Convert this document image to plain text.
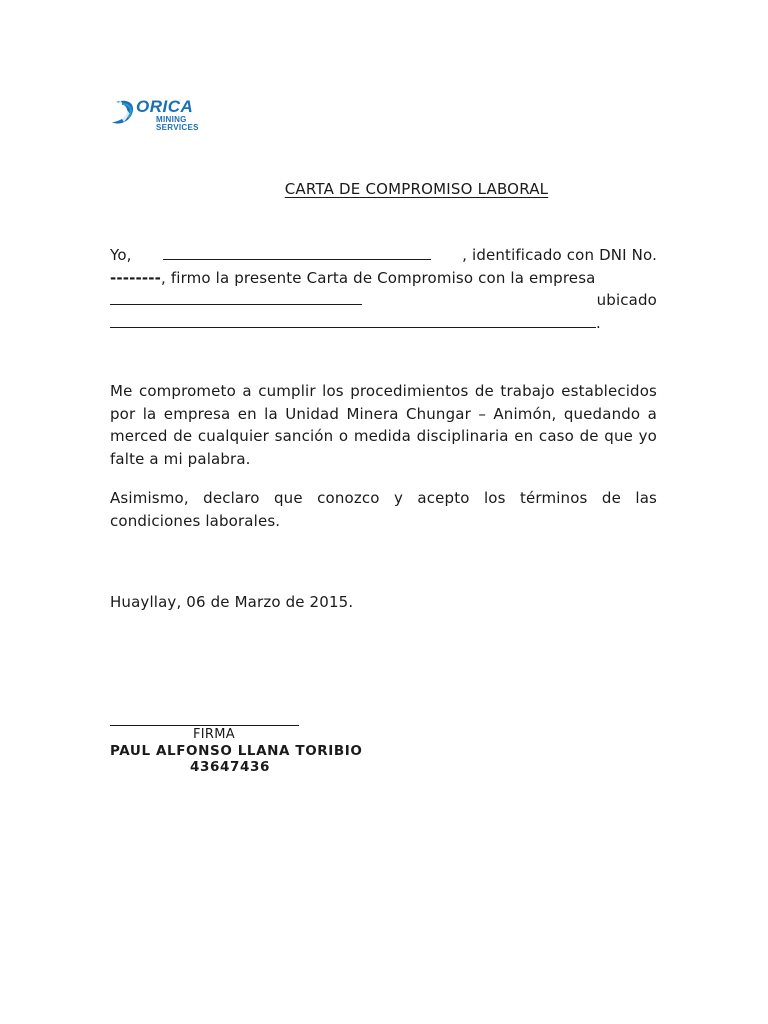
ORICA
MINING
SERVICES
CARTA DE COMPROMISO LABORAL
Yo,	, identificado con DNI No.
--------, firmo la presente Carta de Compromiso con la empresa
ubicado
.
Me comprometo a cumplir los procedimientos de trabajo establecidos por la empresa en la Unidad Minera Chungar – Animón, quedando a merced de cualquier sanción o medida disciplinaria en caso de que yo falte a mi palabra.
Asimismo, declaro que conozco y acepto los términos de las condiciones laborales.
Huayllay, 06 de Marzo de 2015.
FIRMA
PAUL ALFONSO LLANA TORIBIO
43647436
